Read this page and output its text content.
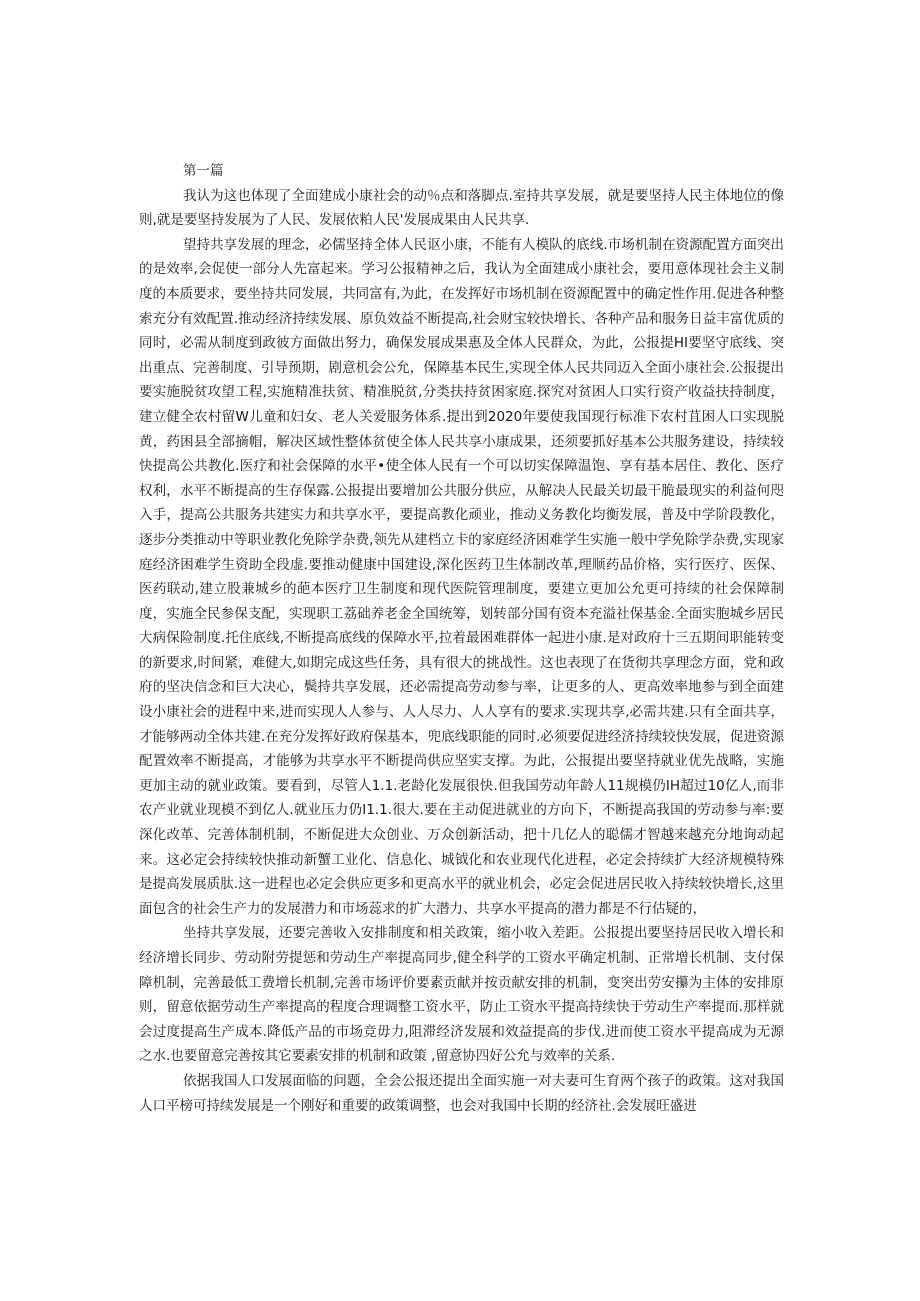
第一篇

我认为这也体现了全面建成小康社会的动％点和落脚点.室持共享发展，就是要坚持人民主体地位的像则,就是要坚持发展为了人民、发展依粕人民'发展成果由人民共享.

望持共享发展的理念，必儒坚持全体人民讴小康，不能有人模队的底线.市场机制在资源配置方面突出的是效率,会促使一部分人先富起来。学习公报精神之后，我认为全面建成小康社会，要用意体现社会主义制度的本质要求，要坐持共同发展，共同富有,为此，在发挥好市场机制在资源配置中的确定性作用.促进各种整索充分有效配置.推动经济持续发展、原负效益不断提高,社会财宝较快增长、各种产品和服务日益丰富优质的同时，必需从制度到政彼方面做出努力，确保发展成果惠及全体人民群众，为此，公报提HI要坚守底线、突出重点、完善制度、引导预期，剧意机会公允，保障基本民生,实现全体人民共同迈入全面小康社会.公报提出要实施脱贫攻望工程,实施精准扶贫、精准脱贫,分类扶持贫困家庭.探究对贫困人口实行资产收益扶持制度，建立健全农村留W儿童和妇女、老人关爱服务体系.提出到2020年要使我国现行标准下农村苴困人口实现脱黄，药困县全部摘帽，解决区域性整体贫使全体人民共享小康成果，还须要抓好基本公共服务建设，持续较快提高公共教化.医疗和社会保障的水平•使全体人民有一个可以切实保障温饱、享有基本居住、教化、医疗权利，水平不断提高的生存保露.公报提出要增加公共服分供应，从解决人民最关切最干脆最现实的利益何咫入手，提高公共服务共建实力和共享水平，要提高教化顽业，推动义务教化均衡发展，普及中学阶段教化，逐步分类推动中等职业教化免除学杂费,领先从建档立卡的家庭经济困难学生实施一般中学免除学杂费,实现家庭经济困难学生资助全段虚.要推动健康中国建设,深化医药卫生体制改革,理顺药品价格，实行医疗、医保、医药联动,建立股兼城乡的葩本医疗卫生制度和现代医院管理制度，要建立更加公允更可持续的社会保障制度，实施全民参保支配，实现职工荔础养老金全国统筹，划转部分国有资本充溢社保基金.全面实胞城乡居民大病保险制度.托住底线,不断提高底线的保障水平,拉着最困难群体一起进小康.是对政府十三五期间职能转变的新要求,时间紧，难健大,如期完成这些任务，具有很大的挑战性。这也表现了在货彻共享理念方面，党和政府的坚决信念和巨大决心，鬓持共享发展，还必需提高劳动参与率，让更多的人、更高效率地参与到全面建设小康社会的进程中来,进而实现人人参与、人人尽力、人人享有的要求.实现共享,必需共建.只有全面共享，才能够两动全体共建.在充分发挥好政府保基本，兜底线职能的同时.必须要促进经济持续较快发展，促进资源配置效率不断提高，才能够为共享水平不断提尚供应坚实支撑。为此，公报提出要坚持就业优先战略，实施更加主动的就业政策。要看到，尽管人1.1.老龄化发展很快.但我国劳动年龄人11规模仍IH超过10亿人,而非农产业就业现模不到亿人.就业压力仍I1.1.很大.要在主动促进就业的方向下，不断提高我国的劳动参与率:要深化改革、完善体制机制，不断促进大众创业、万众创新活动，把十几亿人的聪儒才智越来越充分地询动起来。这必定会持续较快推动新蟹工业化、信息化、城钺化和农业现代化进程，必定会持续扩大经济规模特殊是提高发展质肽.这一进程也必定会供应更多和更高水平的就业机会，必定会促进居民收入持续较快增长,这里面包含的社会生产力的发展潜力和市场蕊求的扩大潜力、共享水平提高的潜力都是不行估疑的，

坐持共享发展，还要完善收入安排制度和相关政策，缩小收入差距。公报提出要坚持居民收入增长和经济增长同步、劳动附劳提惩和劳动生产率提高同步,健全科学的工资水平确定机制、正常增长机制、支付保障机制，完善最低工费增长机制,完善市场评价要素贡献并按贡献安排的机制，变突出劳安攥为主体的安排原则，留意依据劳动生产率提高的程度合理调整工资水平，防止工资水平提高持续快于劳动生产率提而.那样就会过度提高生产成本.降低产品的市场竞毋力,阻滞经济发展和效益提高的步伐.进而使工资水平提高成为无源之水.也要留意完善按其它要素安排的机制和政策 ,留意协四好公允与效率的关系.

依据我国人口发展面临的问题，全会公报还提出全面实施一对夫妻可生育两个孩子的政策。这对我国人口平榜可持续发展是一个刚好和重要的政策调整，也会对我国中长期的经济社.会发展旺盛进
